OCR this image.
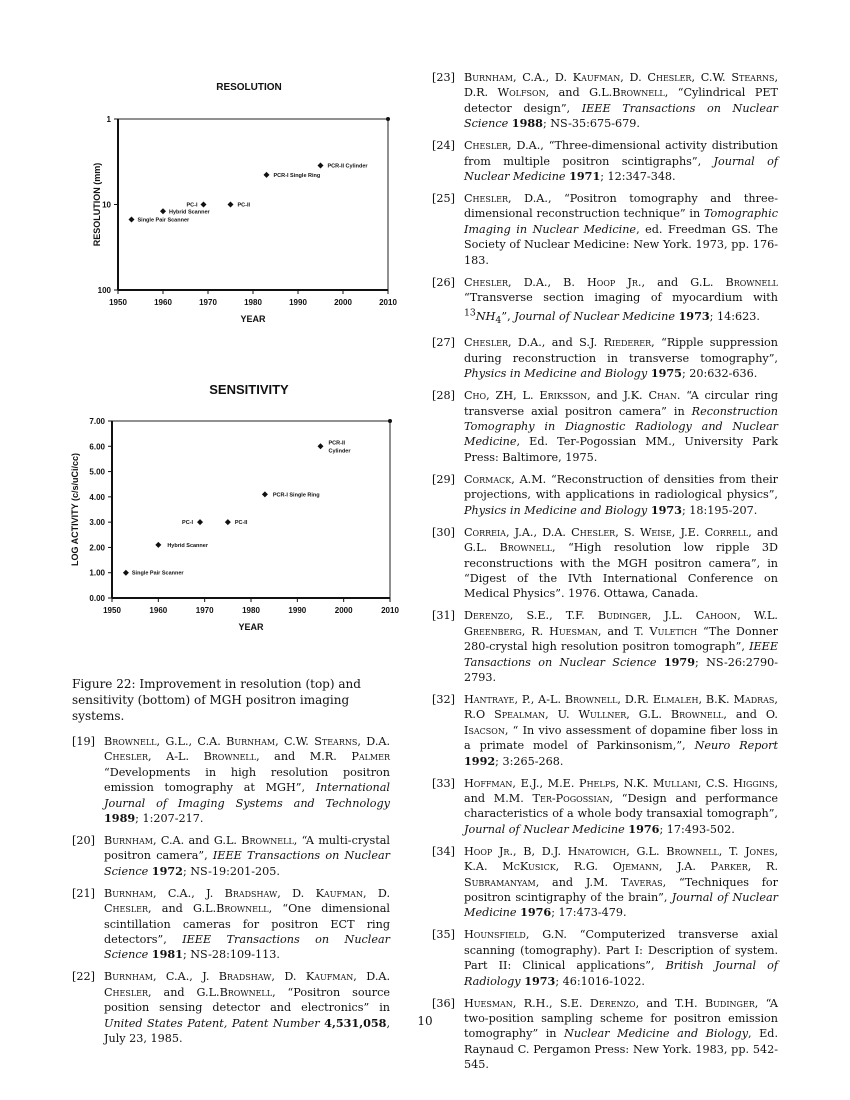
RESOLUTION
1950	1960	1970	1980	1990	2000	2010
1
10
100
Single Pair Scanner
Hybrid Scanner
PC-I	PC-II
PCR-I Single Ring
PCR-II Cylinder
YEAR
RESOLUTION (mm)
SENSITIVITY
1950	1960	1970	1980	1990	2000	2010
0.00
1.00
2.00
3.00
4.00
5.00
6.00
7.00
Single Pair Scanner
Hybrid Scanner
PC-I	PC-II
PCR-I Single Ring
PCR-II
Cylinder
YEAR
LOG ACTIVITY (c/s/uCi/cc)
Figure 22: Improvement in resolution (top) and sensitivity (bottom) of MGH positron imaging systems.
[19] Brownell, G.L., C.A. Burnham, C.W. Stearns, D.A. Chesler, A-L. Brownell, and M.R. Palmer “Developments in high resolution positron emission tomography at MGH”, International Journal of Imaging Systems and Technology 1989; 1:207-217.
[20] Burnham, C.A. and G.L. Brownell, “A multi-crystal positron camera”, IEEE Transactions on Nuclear Science 1972; NS-19:201-205.
[21] Burnham, C.A., J. Bradshaw, D. Kaufman, D. Chesler, and G.L.Brownell, “One dimensional scintillation cameras for positron ECT ring detectors”, IEEE Transactions on Nuclear Science 1981; NS-28:109-113.
[22] Burnham, C.A., J. Bradshaw, D. Kaufman, D.A. Chesler, and G.L.Brownell, “Positron source position sensing detector and electronics” in United States Patent, Patent Number 4,531,058, July 23, 1985.
[23] Burnham, C.A., D. Kaufman, D. Chesler, C.W. Stearns, D.R. Wolfson, and G.L.Brownell, “Cylindrical PET detector design”, IEEE Transactions on Nuclear Science 1988; NS-35:675-679.
[24] Chesler, D.A., “Three-dimensional activity distribution from multiple positron scintigraphs”, Journal of Nuclear Medicine 1971; 12:347-348.
[25] Chesler, D.A., “Positron tomography and three-dimensional reconstruction technique” in Tomographic Imaging in Nuclear Medicine, ed. Freedman GS. The Society of Nuclear Medicine: New York. 1973, pp. 176-183.
[26] Chesler, D.A., B. Hoop Jr., and G.L. Brownell “Transverse section imaging of myocardium with $^{13}NH_4$”, Journal of Nuclear Medicine 1973; 14:623.
[27] Chesler, D.A., and S.J. Riederer, “Ripple suppression during reconstruction in transverse tomography”, Physics in Medicine and Biology 1975; 20:632-636.
[28] Cho, ZH, L. Eriksson, and J.K. Chan. “A circular ring transverse axial positron camera” in Reconstruction Tomography in Diagnostic Radiology and Nuclear Medicine, Ed. Ter-Pogossian MM., University Park Press: Baltimore, 1975.
[29] Cormack, A.M. “Reconstruction of densities from their projections, with applications in radiological physics”, Physics in Medicine and Biology 1973; 18:195-207.
[30] Correia, J.A., D.A. Chesler, S. Weise, J.E. Correll, and G.L. Brownell, “High resolution low ripple 3D reconstructions with the MGH positron camera”, in “Digest of the IVth International Conference on Medical Physics”. 1976. Ottawa, Canada.
[31] Derenzo, S.E., T.F. Budinger, J.L. Cahoon, W.L. Greenberg, R. Huesman, and T. Vuletich “The Donner 280-crystal high resolution positron tomograph”, IEEE Tansactions on Nuclear Science 1979; NS-26:2790-2793.
[32] Hantraye, P., A-L. Brownell, D.R. Elmaleh, B.K. Madras, R.O Spealman, U. Wullner, G.L. Brownell, and O. Isacson, “ In vivo assessment of dopamine fiber loss in a primate model of Parkinsonism,”, Neuro Report 1992; 3:265-268.
[33] Hoffman, E.J., M.E. Phelps, N.K. Mullani, C.S. Higgins, and M.M. Ter-Pogossian, “Design and performance characteristics of a whole body transaxial tomograph”, Journal of Nuclear Medicine 1976; 17:493-502.
[34] Hoop Jr., B, D.J. Hnatowich, G.L. Brownell, T. Jones, K.A. McKusick, R.G. Ojemann, J.A. Parker, R. Subramanyam, and J.M. Taveras, “Techniques for positron scintigraphy of the brain”, Journal of Nuclear Medicine 1976; 17:473-479.
[35] Hounsfield, G.N. “Computerized transverse axial scanning (tomography). Part I: Description of system. Part II: Clinical applications”, British Journal of Radiology 1973; 46:1016-1022.
[36] Huesman, R.H., S.E. Derenzo, and T.H. Budinger, “A two-position sampling scheme for positron emission tomography” in Nuclear Medicine and Biology, Ed. Raynaud C. Pergamon Press: New York. 1983, pp. 542-545.
10
